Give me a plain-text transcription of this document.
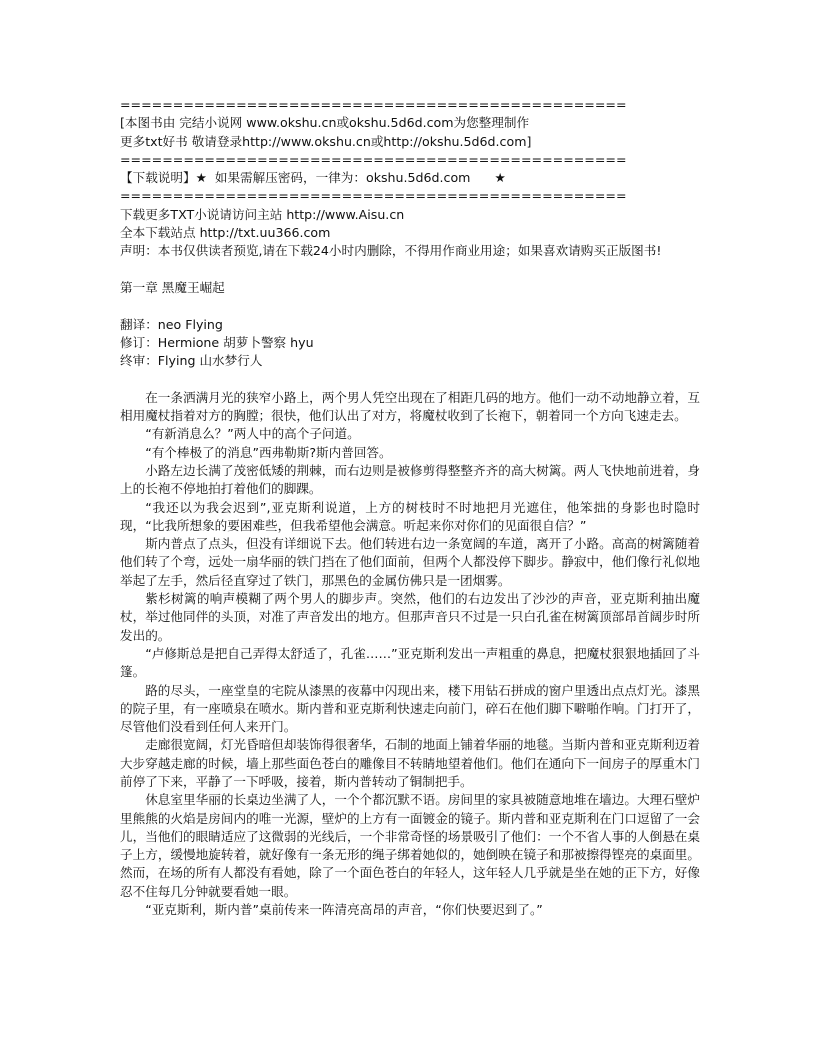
================================================
[本图书由 完结小说网 www.okshu.cn或okshu.5d6d.com为您整理制作
更多txt好书 敬请登录http://www.okshu.cn或http://okshu.5d6d.com]
================================================
【下载说明】★  如果需解压密码，一律为：okshu.5d6d.com      ★
================================================
下载更多TXT小说请访问主站 http://www.Aisu.cn
全本下载站点 http://txt.uu366.com

声明：本书仅供读者预览,请在下载24小时内删除，不得用作商业用途；如果喜欢请购买正版图书!

第一章 黑魔王崛起
翻译：neo Flying
修订：Hermione 胡萝卜警察 hyu
终审：Flying 山水梦行人

在一条洒满月光的狭窄小路上，两个男人凭空出现在了相距几码的地方。他们一动不动地静立着，互相用魔杖指着对方的胸膛；很快，他们认出了对方，将魔杖收到了长袍下，朝着同一个方向飞速走去。

“有新消息么？”两人中的高个子问道。

“有个棒极了的消息”西弗勒斯?斯内普回答。

小路左边长满了茂密低矮的荆棘，而右边则是被修剪得整整齐齐的高大树篱。两人飞快地前进着，身上的长袍不停地拍打着他们的脚踝。

“我还以为我会迟到”,亚克斯利说道，上方的树枝时不时地把月光遮住，他笨拙的身影也时隐时现，“比我所想象的要困难些，但我希望他会满意。听起来你对你们的见面很自信？”

斯内普点了点头，但没有详细说下去。他们转进右边一条宽阔的车道，离开了小路。高高的树篱随着他们转了个弯，远处一扇华丽的铁门挡在了他们面前，但两个人都没停下脚步。静寂中，他们像行礼似地举起了左手，然后径直穿过了铁门，那黑色的金属仿佛只是一团烟雾。

紫杉树篱的响声模糊了两个男人的脚步声。突然，他们的右边发出了沙沙的声音，亚克斯利抽出魔杖，举过他同伴的头顶，对准了声音发出的地方。但那声音只不过是一只白孔雀在树篱顶部昂首阔步时所发出的。

“卢修斯总是把自己弄得太舒适了，孔雀……”亚克斯利发出一声粗重的鼻息，把魔杖狠狠地插回了斗篷。

路的尽头，一座堂皇的宅院从漆黑的夜幕中闪现出来，楼下用钻石拼成的窗户里透出点点灯光。漆黑的院子里，有一座喷泉在喷水。斯内普和亚克斯利快速走向前门，碎石在他们脚下噼啪作响。门打开了，尽管他们没看到任何人来开门。

走廊很宽阔，灯光昏暗但却装饰得很奢华，石制的地面上铺着华丽的地毯。当斯内普和亚克斯利迈着大步穿越走廊的时候，墙上那些面色苍白的雕像目不转睛地望着他们。他们在通向下一间房子的厚重木门前停了下来，平静了一下呼吸，接着，斯内普转动了铜制把手。

休息室里华丽的长桌边坐满了人，一个个都沉默不语。房间里的家具被随意地堆在墙边。大理石壁炉里熊熊的火焰是房间内的唯一光源，壁炉的上方有一面镀金的镜子。斯内普和亚克斯利在门口逗留了一会儿，当他们的眼睛适应了这微弱的光线后，一个非常奇怪的场景吸引了他们：一个不省人事的人倒悬在桌子上方，缓慢地旋转着，就好像有一条无形的绳子绑着她似的，她倒映在镜子和那被擦得铿亮的桌面里。然而，在场的所有人都没有看她，除了一个面色苍白的年轻人，这年轻人几乎就是坐在她的正下方，好像忍不住每几分钟就要看她一眼。

“亚克斯利，斯内普”桌前传来一阵清亮高昂的声音，“你们快要迟到了。”
